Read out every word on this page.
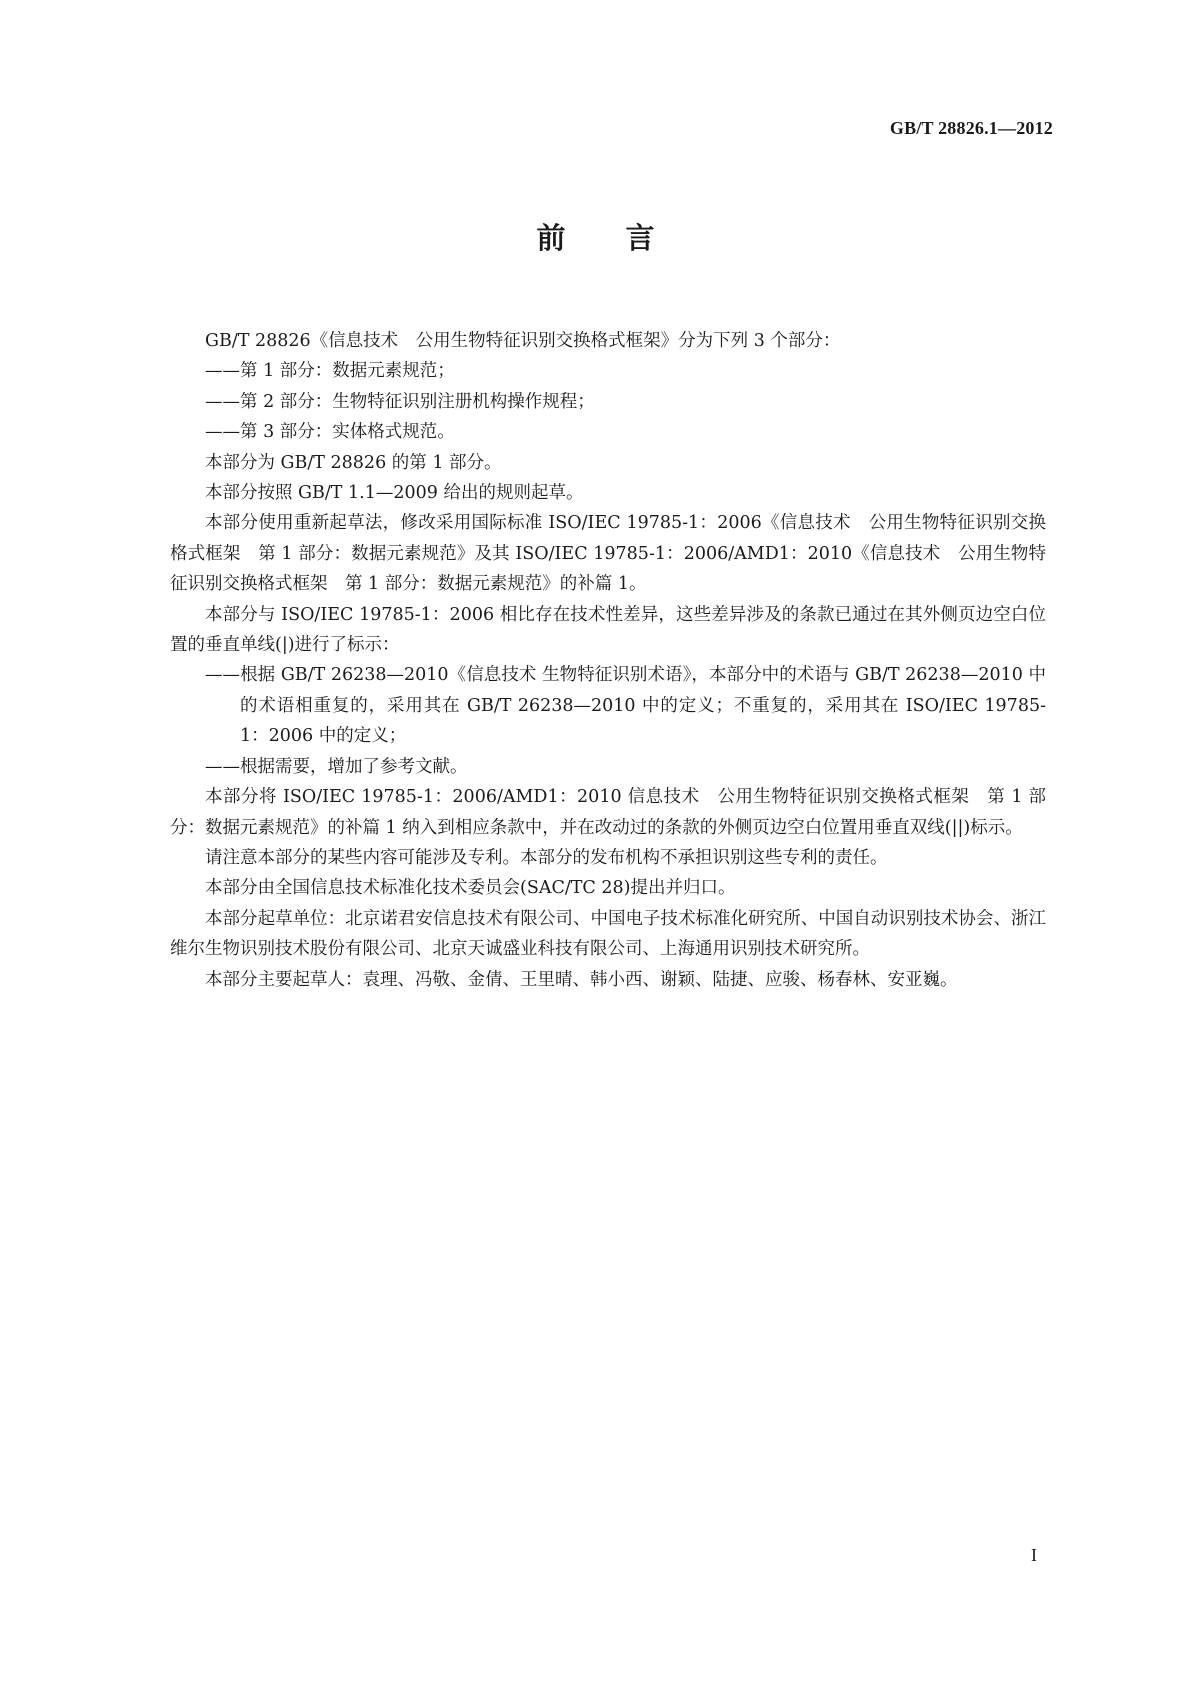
GB/T 28826.1—2012
前言

GB/T 28826《信息技术　公用生物特征识别交换格式框架》分为下列 3 个部分：

——第 1 部分：数据元素规范；

——第 2 部分：生物特征识别注册机构操作规程；

——第 3 部分：实体格式规范。

本部分为 GB/T 28826 的第 1 部分。

本部分按照 GB/T 1.1—2009 给出的规则起草。

本部分使用重新起草法，修改采用国际标准 ISO/IEC 19785-1：2006《信息技术　公用生物特征识别交换格式框架　第 1 部分：数据元素规范》及其 ISO/IEC 19785-1：2006/AMD1：2010《信息技术　公用生物特征识别交换格式框架　第 1 部分：数据元素规范》的补篇 1。

本部分与 ISO/IEC 19785-1：2006 相比存在技术性差异，这些差异涉及的条款已通过在其外侧页边空白位置的垂直单线(|)进行了标示：

——根据 GB/T 26238—2010《信息技术 生物特征识别术语》，本部分中的术语与 GB/T 26238—2010 中的术语相重复的，采用其在 GB/T 26238—2010 中的定义；不重复的，采用其在 ISO/IEC 19785-1：2006 中的定义；

——根据需要，增加了参考文献。

本部分将 ISO/IEC 19785-1：2006/AMD1：2010 信息技术　公用生物特征识别交换格式框架　第 1 部分：数据元素规范》的补篇 1 纳入到相应条款中，并在改动过的条款的外侧页边空白位置用垂直双线(||)标示。

请注意本部分的某些内容可能涉及专利。本部分的发布机构不承担识别这些专利的责任。

本部分由全国信息技术标准化技术委员会(SAC/TC 28)提出并归口。

本部分起草单位：北京诺君安信息技术有限公司、中国电子技术标准化研究所、中国自动识别技术协会、浙江维尔生物识别技术股份有限公司、北京天诚盛业科技有限公司、上海通用识别技术研究所。

本部分主要起草人：袁理、冯敬、金倩、王里晴、韩小西、谢颖、陆捷、应骏、杨春林、安亚巍。

I
